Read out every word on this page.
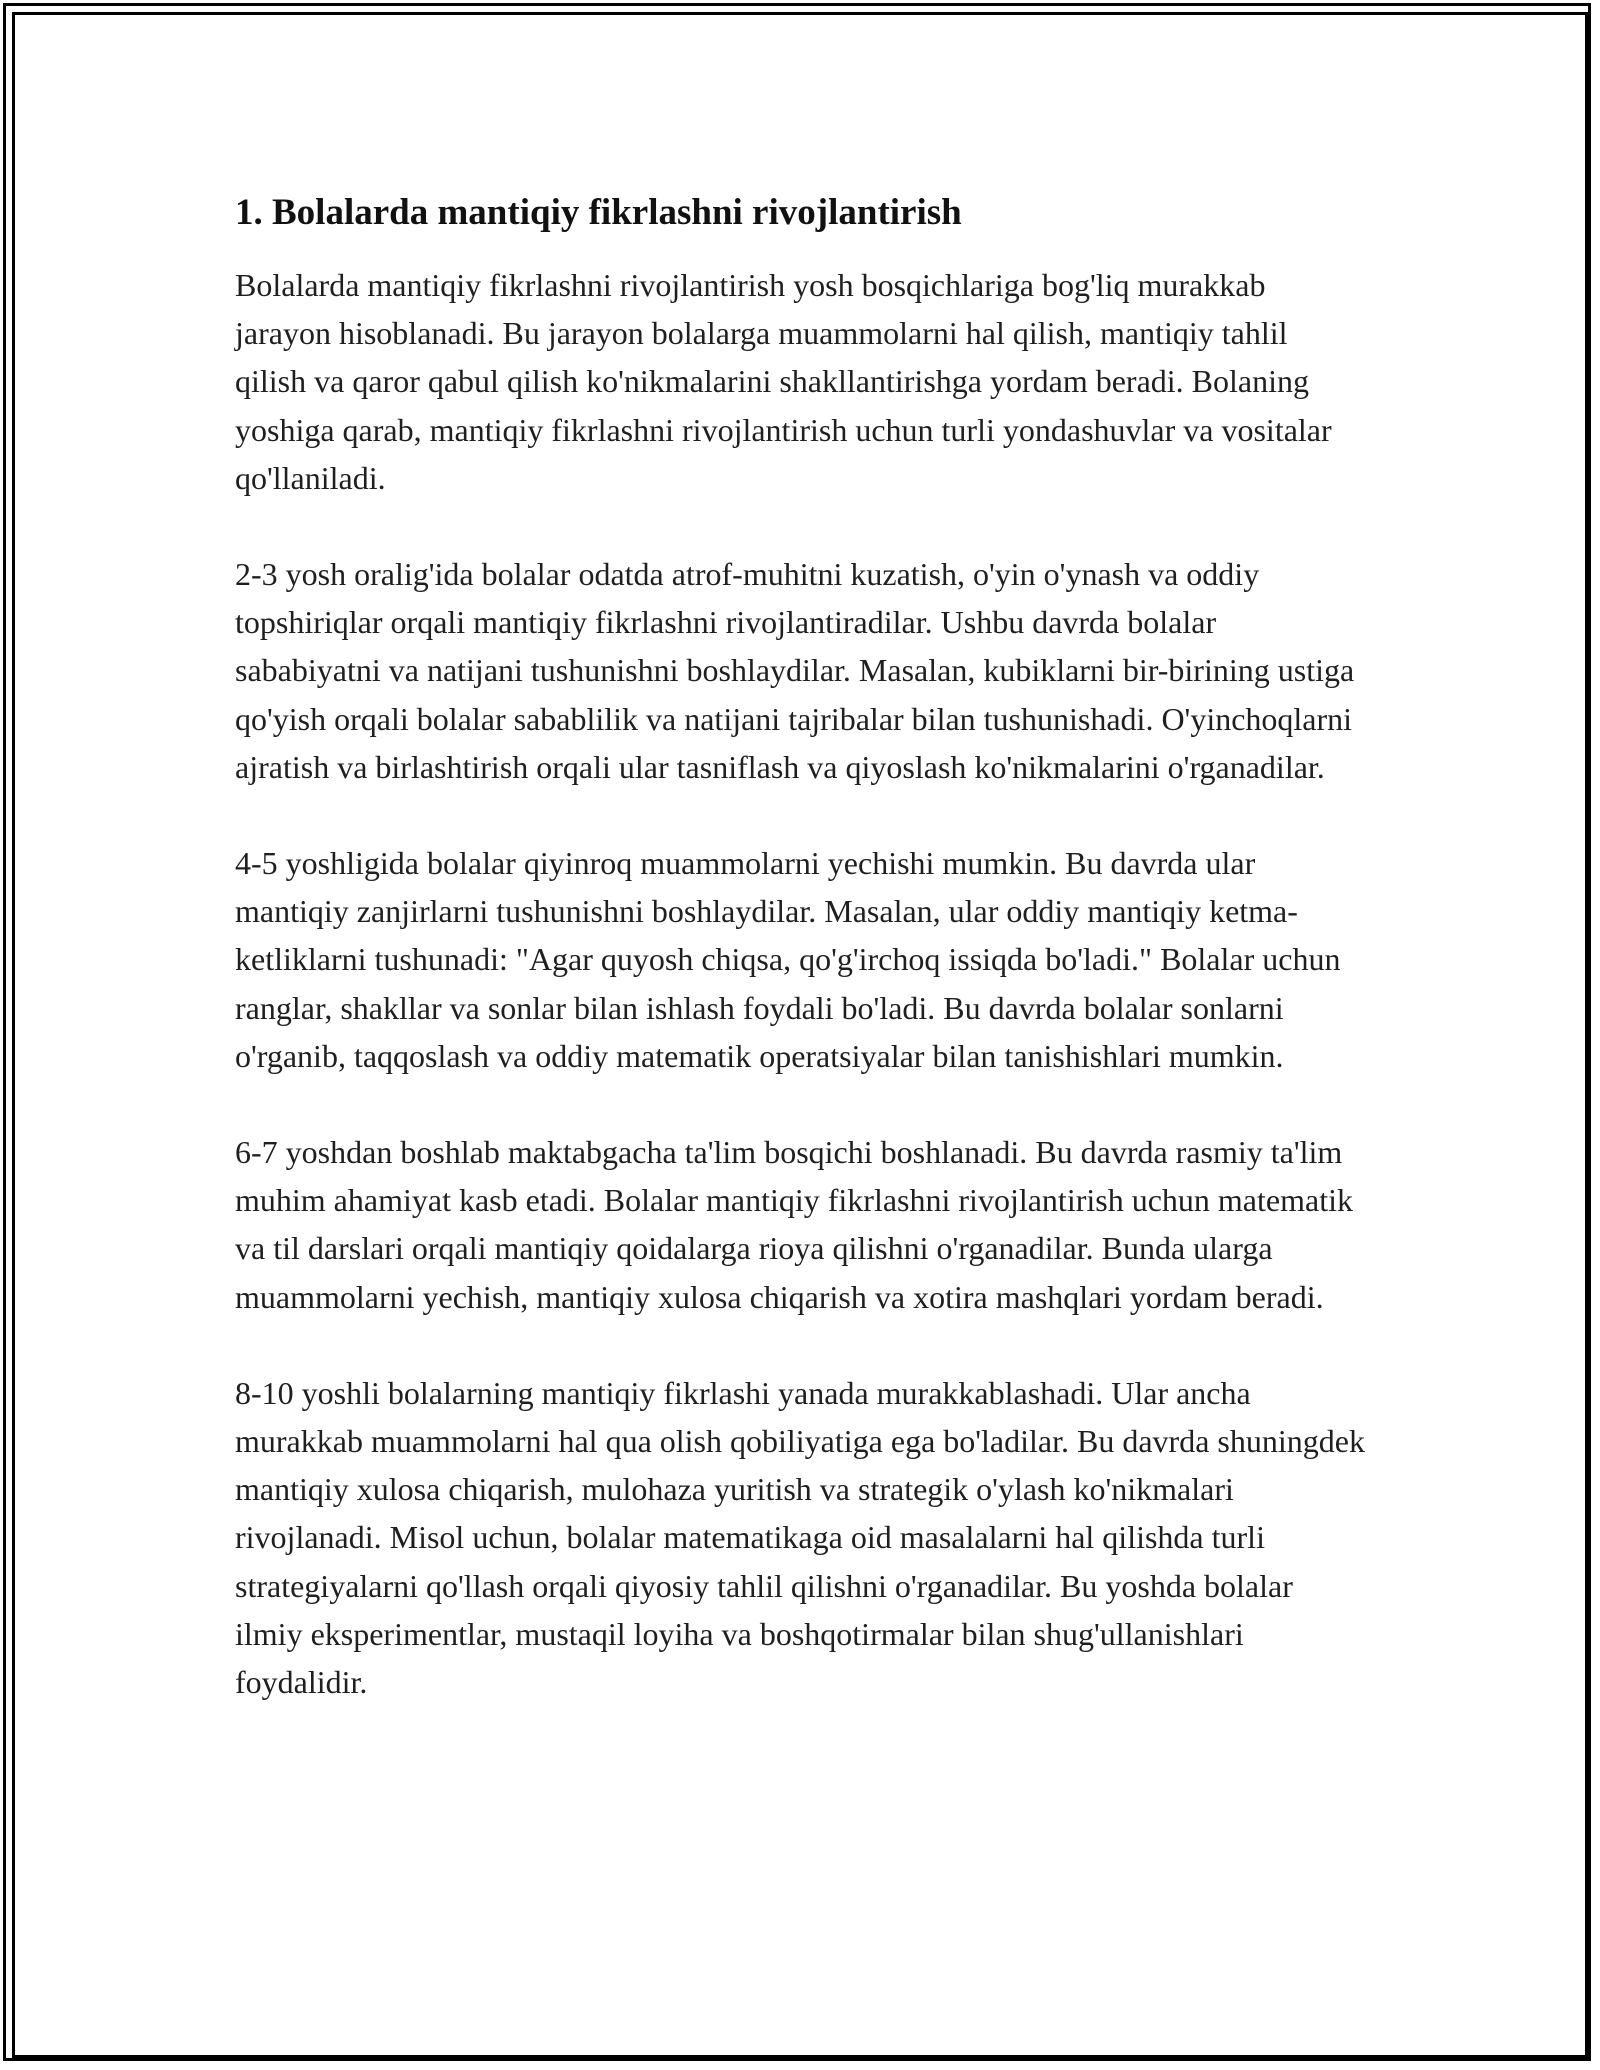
1. Bolalarda mantiqiy fikrlashni rivojlantirish

Bolalarda mantiqiy fikrlashni rivojlantirish yosh bosqichlariga bog'liq murakkab jarayon hisoblanadi. Bu jarayon bolalarga muammolarni hal qilish, mantiqiy tahlil qilish va qaror qabul qilish ko'nikmalarini shakllantirishga yordam beradi. Bolaning yoshiga qarab, mantiqiy fikrlashni rivojlantirish uchun turli yondashuvlar va vositalar qo'llaniladi.

2-3 yosh oralig'ida bolalar odatda atrof-muhitni kuzatish, o'yin o'ynash va oddiy topshiriqlar orqali mantiqiy fikrlashni rivojlantiradilar. Ushbu davrda bolalar sababiyatni va natijani tushunishni boshlaydilar. Masalan, kubiklarni bir-birining ustiga qo'yish orqali bolalar sabablilik va natijani tajribalar bilan tushunishadi. O'yinchoqlarni ajratish va birlashtirish orqali ular tasniflash va qiyoslash ko'nikmalarini o'rganadilar.

4-5 yoshligida bolalar qiyinroq muammolarni yechishi mumkin. Bu davrda ular mantiqiy zanjirlarni tushunishni boshlaydilar. Masalan, ular oddiy mantiqiy ketma-ketliklarni tushunadi: "Agar quyosh chiqsa, qo'g'irchoq issiqda bo'ladi." Bolalar uchun ranglar, shakllar va sonlar bilan ishlash foydali bo'ladi. Bu davrda bolalar sonlarni o'rganib, taqqoslash va oddiy matematik operatsiyalar bilan tanishishlari mumkin.

6-7 yoshdan boshlab maktabgacha ta'lim bosqichi boshlanadi. Bu davrda rasmiy ta'lim muhim ahamiyat kasb etadi. Bolalar mantiqiy fikrlashni rivojlantirish uchun matematik va til darslari orqali mantiqiy qoidalarga rioya qilishni o'rganadilar. Bunda ularga muammolarni yechish, mantiqiy xulosa chiqarish va xotira mashqlari yordam beradi.

8-10 yoshli bolalarning mantiqiy fikrlashi yanada murakkablashadi. Ular ancha murakkab muammolarni hal qua olish qobiliyatiga ega bo'ladilar. Bu davrda shuningdek mantiqiy xulosa chiqarish, mulohaza yuritish va strategik o'ylash ko'nikmalari rivojlanadi. Misol uchun, bolalar matematikaga oid masalalarni hal qilishda turli strategiyalarni qo'llash orqali qiyosiy tahlil qilishni o'rganadilar. Bu yoshda bolalar ilmiy eksperimentlar, mustaqil loyiha va boshqotirmalar bilan shug'ullanishlari foydalidir.
